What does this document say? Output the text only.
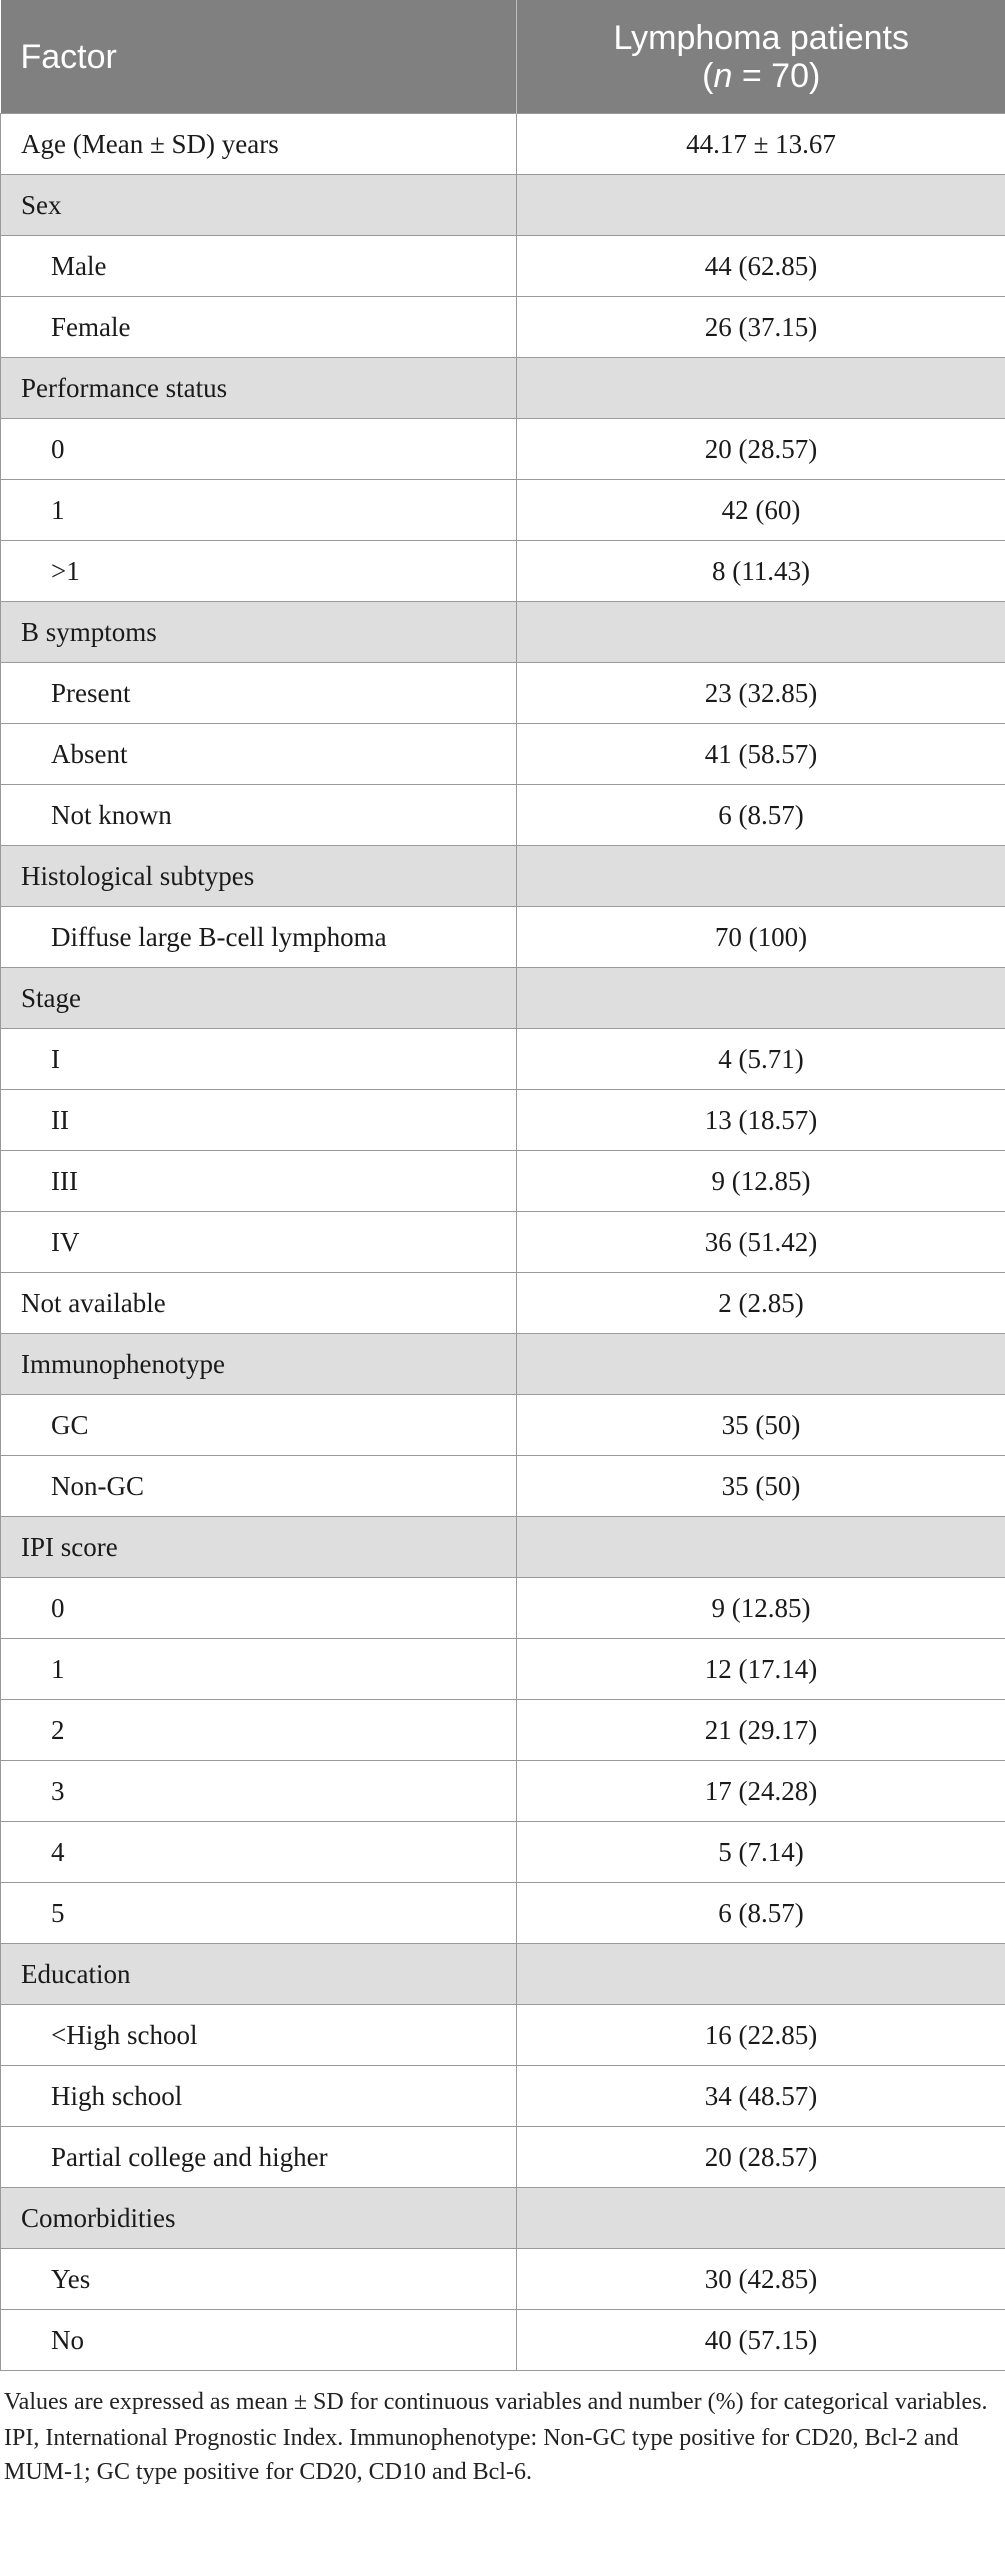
Factor	Lymphoma patients
(n = 70)
Age (Mean ± SD) years	44.17 ± 13.67
Sex	
Male	44 (62.85)
Female	26 (37.15)
Performance status	
0	20 (28.57)
1	42 (60)
>1	8 (11.43)
B symptoms	
Present	23 (32.85)
Absent	41 (58.57)
Not known	6 (8.57)
Histological subtypes	
Diffuse large B-cell lymphoma	70 (100)
Stage	
I	4 (5.71)
II	13 (18.57)
III	9 (12.85)
IV	36 (51.42)
Not available	2 (2.85)
Immunophenotype	
GC	35 (50)
Non-GC	35 (50)
IPI score	
0	9 (12.85)
1	12 (17.14)
2	21 (29.17)
3	17 (24.28)
4	5 (7.14)
5	6 (8.57)
Education	
<High school	16 (22.85)
High school	34 (48.57)
Partial college and higher	20 (28.57)
Comorbidities	
Yes	30 (42.85)
No	40 (57.15)

Values are expressed as mean ± SD for continuous variables and number (%) for categorical variables.

IPI, International Prognostic Index. Immunophenotype: Non-GC type positive for CD20, Bcl-2 and MUM-1; GC type positive for CD20, CD10 and Bcl-6.
